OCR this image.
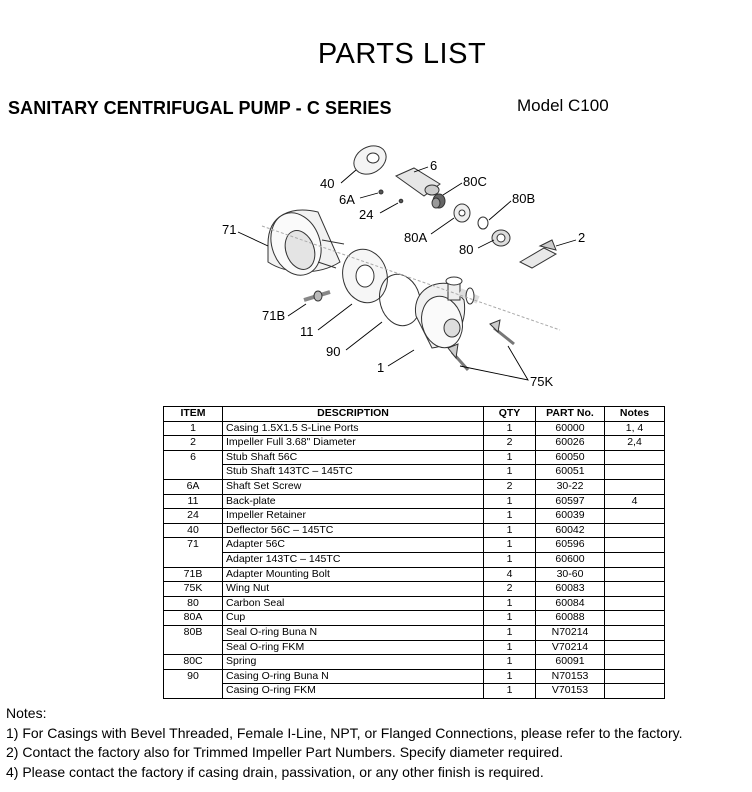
PARTS LIST
SANITARY CENTRIFUGAL PUMP - C SERIES	Model C100
40
6
6A
80C
24
80B
71
80A	2
80
71B
11
90
1
75K
ITEM	DESCRIPTION	QTY	PART No.	Notes
1	Casing 1.5X1.5 S-Line Ports	1	60000	1, 4
2	Impeller Full 3.68" Diameter	2	60026	2,4
6	Stub Shaft 56C	1	60050	
	Stub Shaft 143TC – 145TC	1	60051	
6A	Shaft Set Screw	2	30-22	
11	Back-plate	1	60597	4
24	Impeller Retainer	1	60039	
40	Deflector 56C – 145TC	1	60042	
71	Adapter 56C	1	60596	
	Adapter 143TC – 145TC	1	60600	
71B	Adapter Mounting Bolt	4	30-60	
75K	Wing Nut	2	60083	
80	Carbon Seal	1	60084	
80A	Cup	1	60088	
80B	Seal O-ring Buna N	1	N70214	
	Seal O-ring FKM	1	V70214	
80C	Spring	1	60091	
90	Casing O-ring Buna N	1	N70153	
	Casing O-ring FKM	1	V70153	
Notes:
1) For Casings with Bevel Threaded, Female I-Line, NPT, or Flanged Connections, please refer to the factory.
2) Contact the factory also for Trimmed Impeller Part Numbers. Specify diameter required.
4) Please contact the factory if casing drain, passivation, or any other finish is required.
